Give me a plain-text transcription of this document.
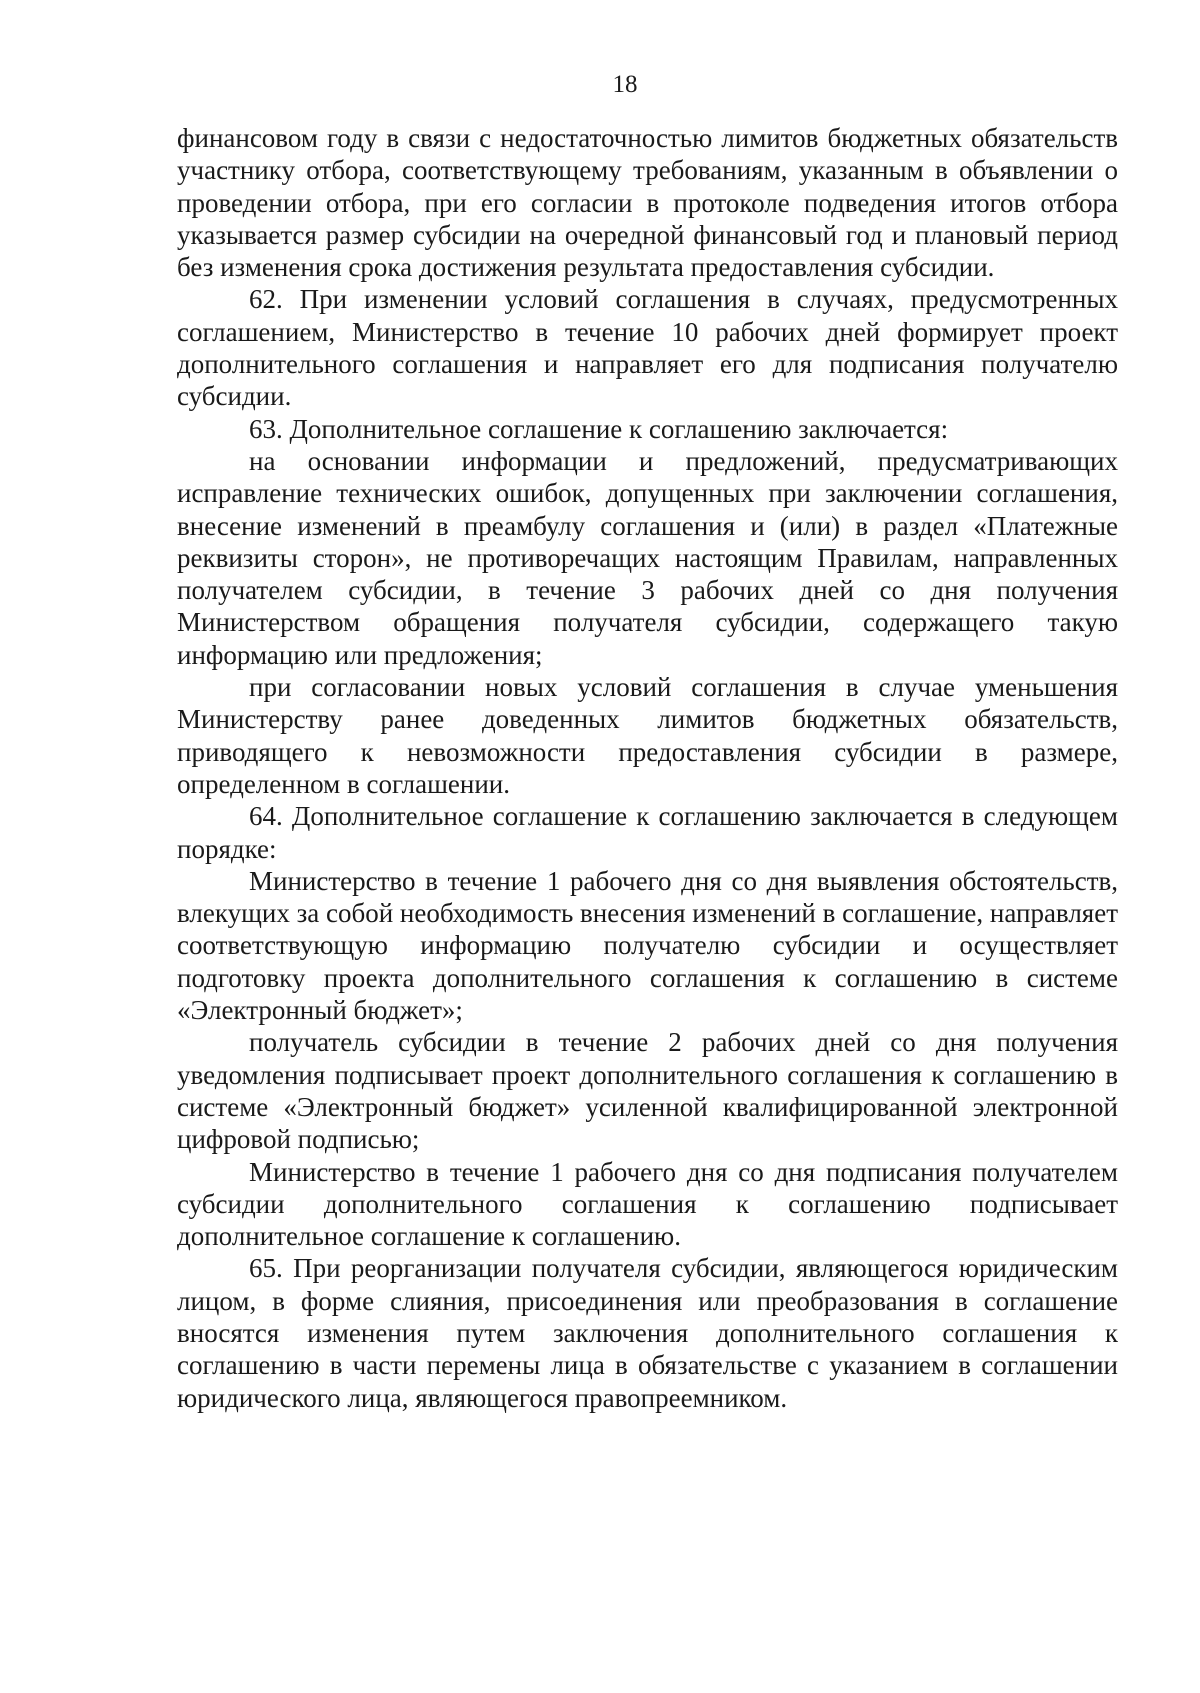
18

финансовом году в связи с недостаточностью лимитов бюджетных обязательств участнику отбора, соответствующему требованиям, указанным в объявлении о проведении отбора, при его согласии в протоколе подведения итогов отбора указывается размер субсидии на очередной финансовый год и плановый период без изменения срока достижения результата предоставления субсидии.

62. При изменении условий соглашения в случаях, предусмотренных соглашением, Министерство в течение 10 рабочих дней формирует проект дополнительного соглашения и направляет его для подписания получателю субсидии.

63. Дополнительное соглашение к соглашению заключается:

на основании информации и предложений, предусматривающих исправление технических ошибок, допущенных при заключении соглашения, внесение изменений в преамбулу соглашения и (или) в раздел «Платежные реквизиты сторон», не противоречащих настоящим Правилам, направленных получателем субсидии, в течение 3 рабочих дней со дня получения Министерством обращения получателя субсидии, содержащего такую информацию или предложения;

при согласовании новых условий соглашения в случае уменьшения Министерству ранее доведенных лимитов бюджетных обязательств, приводящего к невозможности предоставления субсидии в размере, определенном в соглашении.

64. Дополнительное соглашение к соглашению заключается в следующем порядке:

Министерство в течение 1 рабочего дня со дня выявления обстоятельств, влекущих за собой необходимость внесения изменений в соглашение, направляет соответствующую информацию получателю субсидии и осуществляет подготовку проекта дополнительного соглашения к соглашению в системе «Электронный бюджет»;

получатель субсидии в течение 2 рабочих дней со дня получения уведомления подписывает проект дополнительного соглашения к соглашению в системе «Электронный бюджет» усиленной квалифицированной электронной цифровой подписью;

Министерство в течение 1 рабочего дня со дня подписания получателем субсидии дополнительного соглашения к соглашению подписывает дополнительное соглашение к соглашению.

65. При реорганизации получателя субсидии, являющегося юридическим лицом, в форме слияния, присоединения или преобразования в соглашение вносятся изменения путем заключения дополнительного соглашения к соглашению в части перемены лица в обязательстве с указанием в соглашении юридического лица, являющегося правопреемником.
